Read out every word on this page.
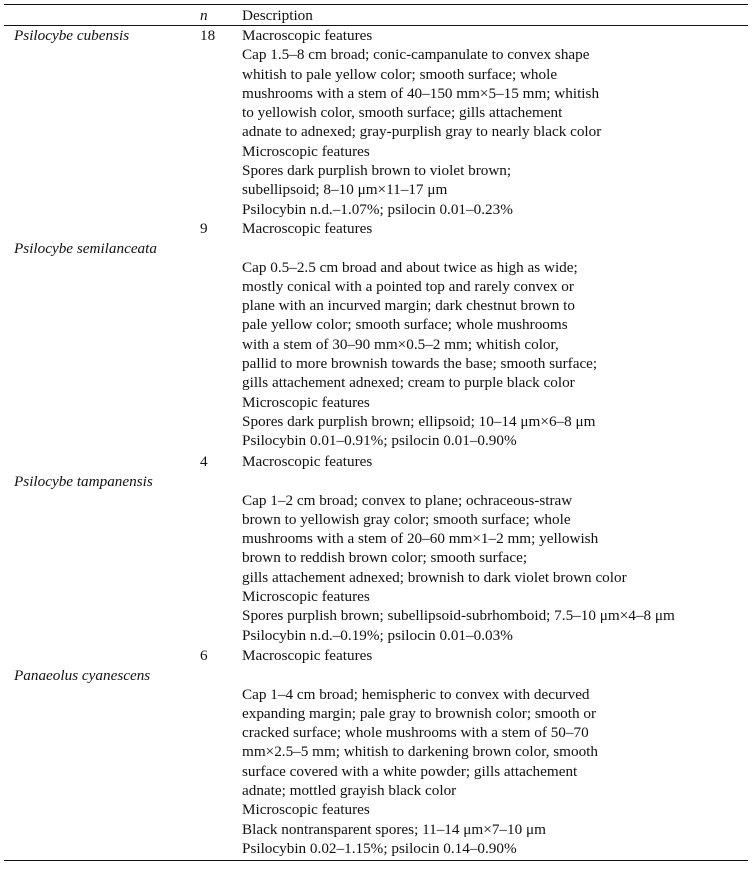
n Description
Psilocybe cubensis	18 Macroscopic features
Cap 1.5–8 cm broad; conic-campanulate to convex shape
whitish to pale yellow color; smooth surface; whole
mushrooms with a stem of 40–150 mm×5–15 mm; whitish
to yellowish color, smooth surface; gills attachement
adnate to adnexed; gray-purplish gray to nearly black color
Microscopic features
Spores dark purplish brown to violet brown;
subellipsoid; 8–10 μm×11–17 μm
Psilocybin n.d.–1.07%; psilocin 0.01–0.23%
9
Psilocybe semilanceata
Macroscopic features
Cap 0.5–2.5 cm broad and about twice as high as wide;
mostly conical with a pointed top and rarely convex or
plane with an incurved margin; dark chestnut brown to
pale yellow color; smooth surface; whole mushrooms
with a stem of 30–90 mm×0.5–2 mm; whitish color,
pallid to more brownish towards the base; smooth surface;
gills attachement adnexed; cream to purple black color
Microscopic features
Spores dark purplish brown; ellipsoid; 10–14 μm×6–8 μm
Psilocybin 0.01–0.91%; psilocin 0.01–0.90%
4
Psilocybe tampanensis
Macroscopic features
Cap 1–2 cm broad; convex to plane; ochraceous-straw
brown to yellowish gray color; smooth surface; whole
mushrooms with a stem of 20–60 mm×1–2 mm; yellowish
brown to reddish brown color; smooth surface;
gills attachement adnexed; brownish to dark violet brown color
Microscopic features
Spores purplish brown; subellipsoid-subrhomboid; 7.5–10 μm×4–8 μm
Psilocybin n.d.–0.19%; psilocin 0.01–0.03%
6
Panaeolus cyanescens
Macroscopic features
Cap 1–4 cm broad; hemispheric to convex with decurved
expanding margin; pale gray to brownish color; smooth or
cracked surface; whole mushrooms with a stem of 50–70
mm×2.5–5 mm; whitish to darkening brown color, smooth
surface covered with a white powder; gills attachement
adnate; mottled grayish black color
Microscopic features
Black nontransparent spores; 11–14 μm×7–10 μm
Psilocybin 0.02–1.15%; psilocin 0.14–0.90%
